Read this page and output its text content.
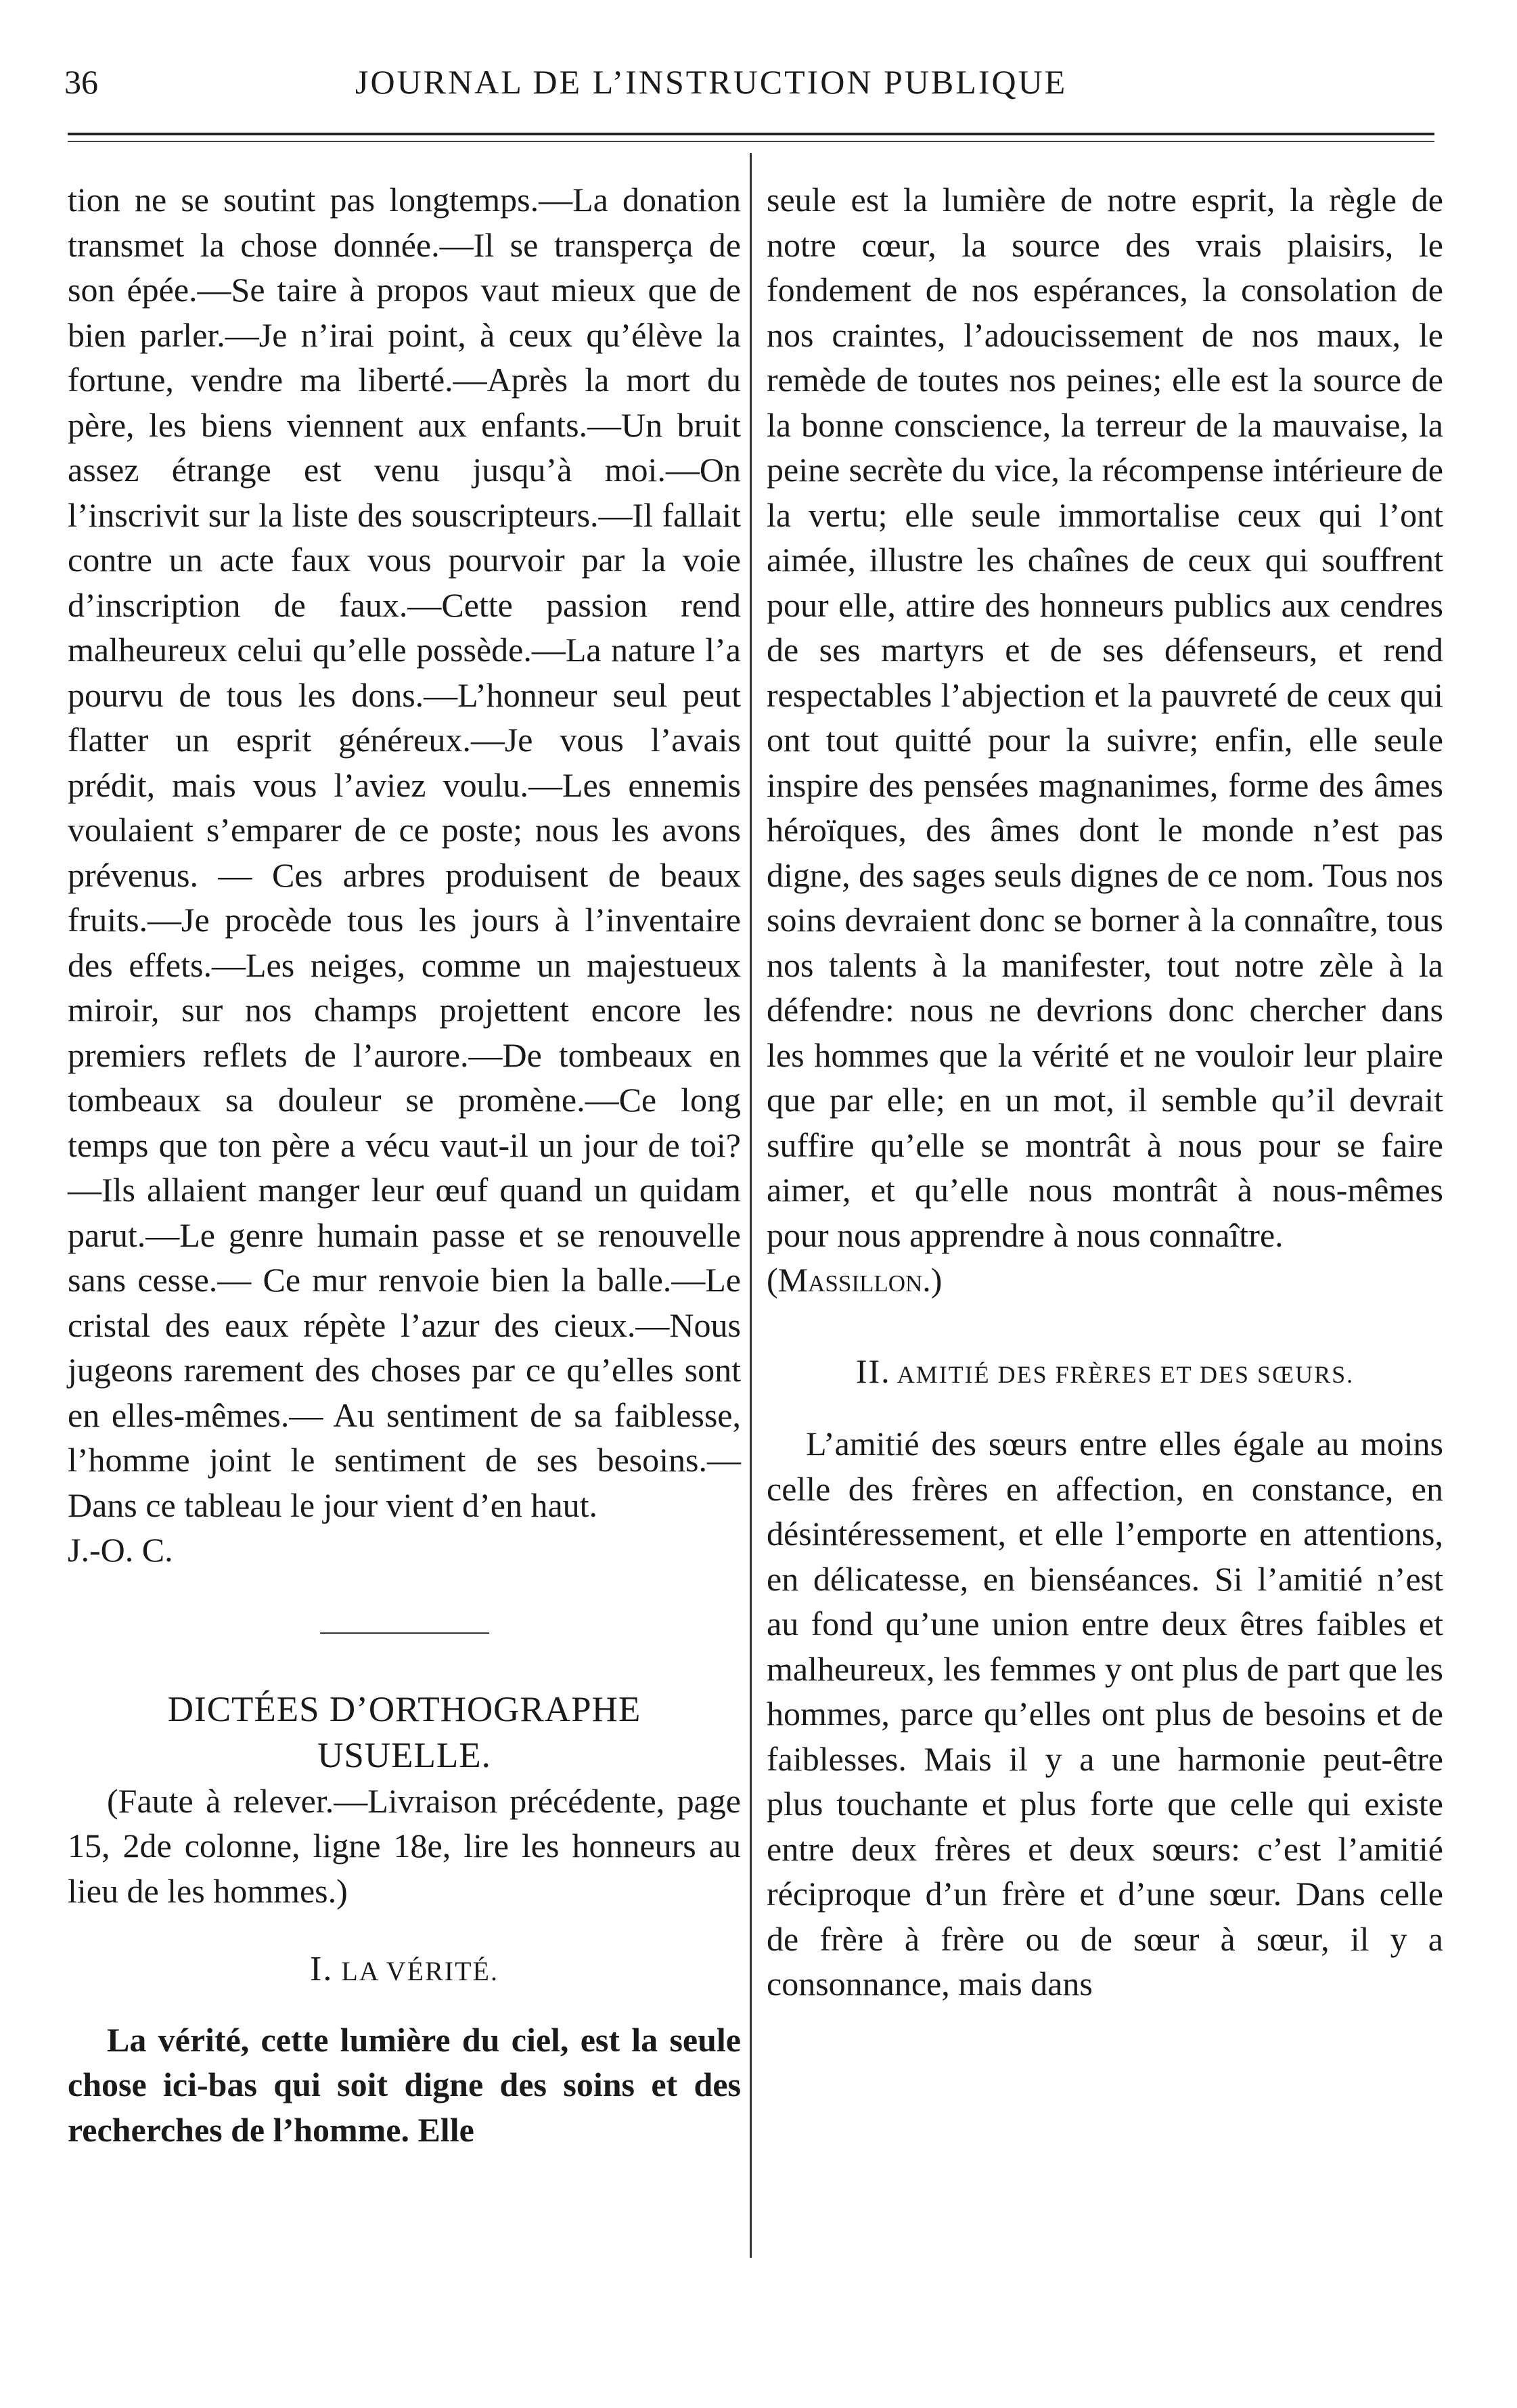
36	JOURNAL DE L’INSTRUCTION PUBLIQUE

tion ne se soutint pas longtemps.—La donation transmet la chose donnée.—Il se transperça de son épée.—Se taire à propos vaut mieux que de bien parler.—Je n’irai point, à ceux qu’élève la fortune, vendre ma liberté.—Après la mort du père, les biens viennent aux enfants.—Un bruit assez étrange est venu jusqu’à moi.—On l’inscrivit sur la liste des souscripteurs.—Il fallait contre un acte faux vous pourvoir par la voie d’inscription de faux.—Cette passion rend malheureux celui qu’elle possède.—La nature l’a pourvu de tous les dons.—L’honneur seul peut flatter un esprit généreux.—Je vous l’avais prédit, mais vous l’aviez voulu.—Les ennemis voulaient s’emparer de ce poste; nous les avons prévenus. — Ces arbres produisent de beaux fruits.—Je procède tous les jours à l’inventaire des effets.—Les neiges, comme un majestueux miroir, sur nos champs projettent encore les premiers reflets de l’aurore.—De tombeaux en tombeaux sa douleur se promène.—Ce long temps que ton père a vécu vaut-il un jour de toi?—Ils allaient manger leur œuf quand un quidam parut.—Le genre humain passe et se renouvelle sans cesse.— Ce mur renvoie bien la balle.—Le cristal des eaux répète l’azur des cieux.—Nous jugeons rarement des choses par ce qu’elles sont en elles-mêmes.— Au sentiment de sa faiblesse, l’homme joint le sentiment de ses besoins.—Dans ce tableau le jour vient d’en haut.

J.-O. C.

DICTÉES D’ORTHOGRAPHE
USUELLE.

(Faute à relever.—Livraison précédente, page 15, 2de colonne, ligne 18e, lire les honneurs au lieu de les hommes.)

I. LA VÉRITÉ.

La vérité, cette lumière du ciel, est la seule chose ici-bas qui soit digne des soins et des recherches de l’homme. Elle

seule est la lumière de notre esprit, la règle de notre cœur, la source des vrais plaisirs, le fondement de nos espérances, la consolation de nos craintes, l’adoucissement de nos maux, le remède de toutes nos peines; elle est la source de la bonne conscience, la terreur de la mauvaise, la peine secrète du vice, la récompense intérieure de la vertu; elle seule immortalise ceux qui l’ont aimée, illustre les chaînes de ceux qui souffrent pour elle, attire des honneurs publics aux cendres de ses martyrs et de ses défenseurs, et rend respectables l’abjection et la pauvreté de ceux qui ont tout quitté pour la suivre; enfin, elle seule inspire des pensées magnanimes, forme des âmes héroïques, des âmes dont le monde n’est pas digne, des sages seuls dignes de ce nom. Tous nos soins devraient donc se borner à la connaître, tous nos talents à la manifester, tout notre zèle à la défendre: nous ne devrions donc chercher dans les hommes que la vérité et ne vouloir leur plaire que par elle; en un mot, il semble qu’il devrait suffire qu’elle se montrât à nous pour se faire aimer, et qu’elle nous montrât à nous-mêmes pour nous apprendre à nous connaître.

(Massillon.)

II. AMITIÉ DES FRÈRES ET DES SŒURS.

L’amitié des sœurs entre elles égale au moins celle des frères en affection, en constance, en désintéressement, et elle l’emporte en attentions, en délicatesse, en bienséances. Si l’amitié n’est au fond qu’une union entre deux êtres faibles et malheureux, les femmes y ont plus de part que les hommes, parce qu’elles ont plus de besoins et de faiblesses. Mais il y a une harmonie peut-être plus touchante et plus forte que celle qui existe entre deux frères et deux sœurs: c’est l’amitié réciproque d’un frère et d’une sœur. Dans celle de frère à frère ou de sœur à sœur, il y a consonnance, mais dans
